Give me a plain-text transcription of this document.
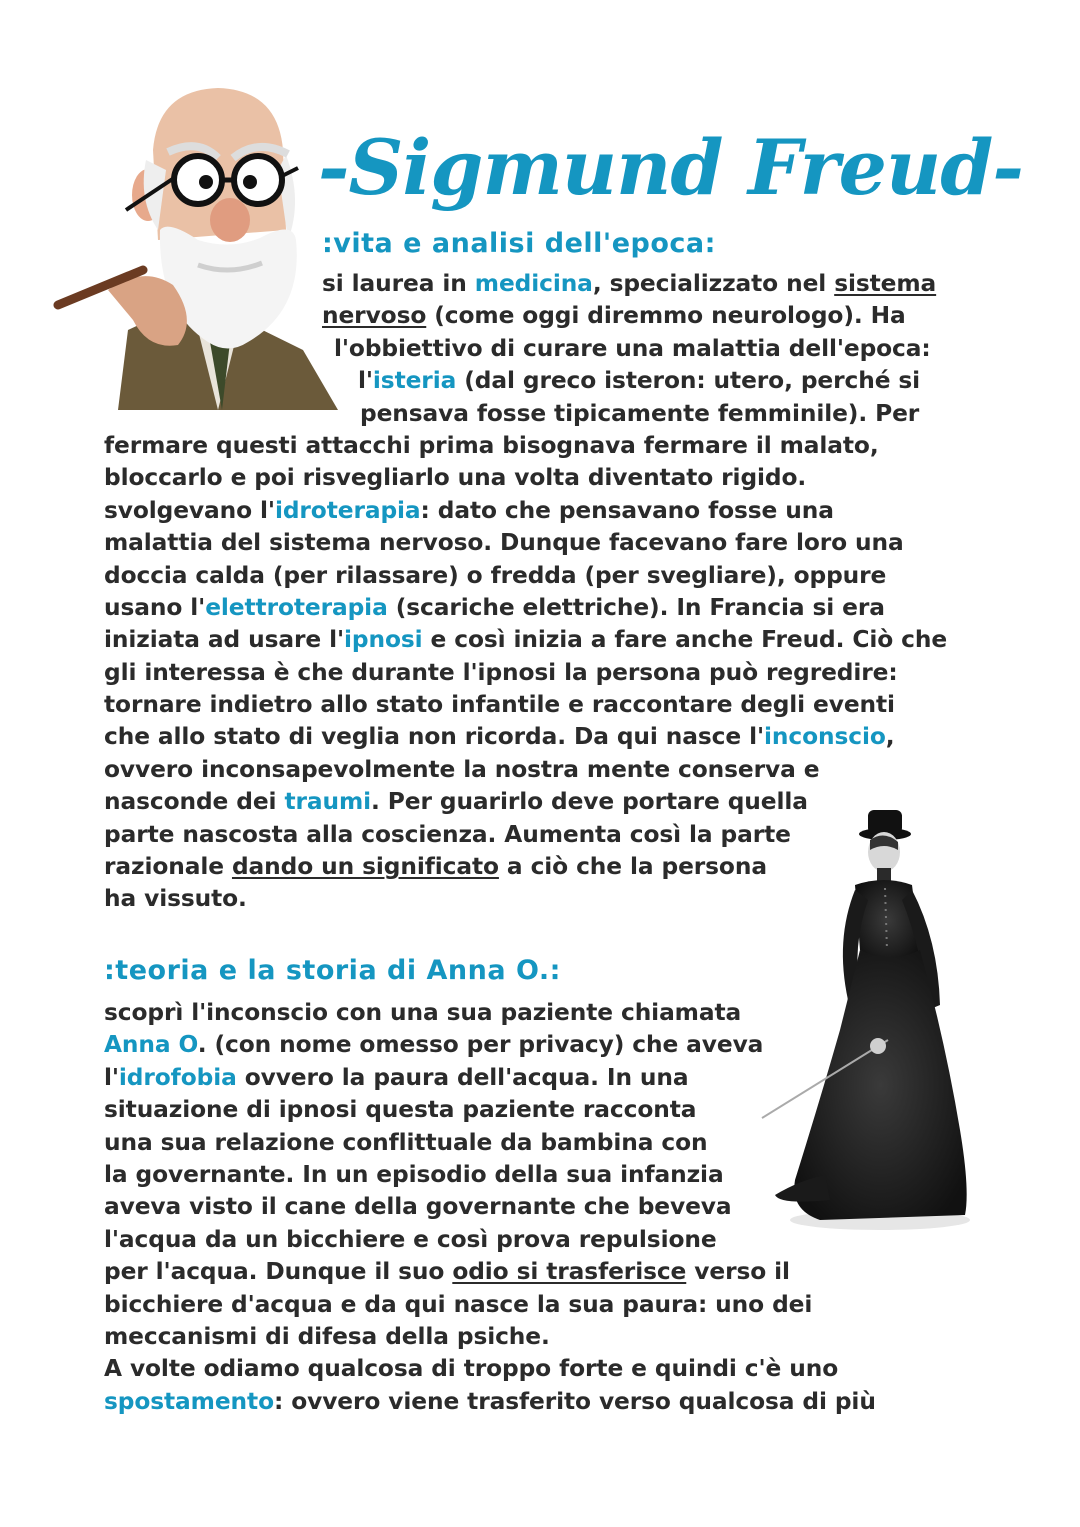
-Sigmund Freud-
:vita e analisi dell'epoca:
si laurea in medicina, specializzato nel sistema
nervoso (come oggi diremmo neurologo). Ha
l'obbiettivo di curare una malattia dell'epoca:
l'isteria (dal greco isteron: utero, perché si
pensava fosse tipicamente femminile). Per
fermare questi attacchi prima bisognava fermare il malato,
bloccarlo e poi risvegliarlo una volta diventato rigido.
svolgevano l'idroterapia: dato che pensavano fosse una
malattia del sistema nervoso. Dunque facevano fare loro una
doccia calda (per rilassare) o fredda (per svegliare), oppure
usano l'elettroterapia (scariche elettriche). In Francia si era
iniziata ad usare l'ipnosi e così inizia a fare anche Freud. Ciò che
gli interessa è che durante l'ipnosi la persona può regredire:
tornare indietro allo stato infantile e raccontare degli eventi
che allo stato di veglia non ricorda. Da qui nasce l'inconscio,
ovvero inconsapevolmente la nostra mente conserva e
nasconde dei traumi. Per guarirlo deve portare quella
parte nascosta alla coscienza. Aumenta così la parte
razionale dando un significato a ciò che la persona
ha vissuto.
:teoria e la storia di Anna O.:
scoprì l'inconscio con una sua paziente chiamata
Anna O. (con nome omesso per privacy) che aveva
l'idrofobia ovvero la paura dell'acqua. In una
situazione di ipnosi questa paziente racconta
una sua relazione conflittuale da bambina con
la governante. In un episodio della sua infanzia
aveva visto il cane della governante che beveva
l'acqua da un bicchiere e così prova repulsione
per l'acqua. Dunque il suo odio si trasferisce verso il
bicchiere d'acqua e da qui nasce la sua paura: uno dei
meccanismi di difesa della psiche.
A volte odiamo qualcosa di troppo forte e quindi c'è uno
spostamento: ovvero viene trasferito verso qualcosa di più
